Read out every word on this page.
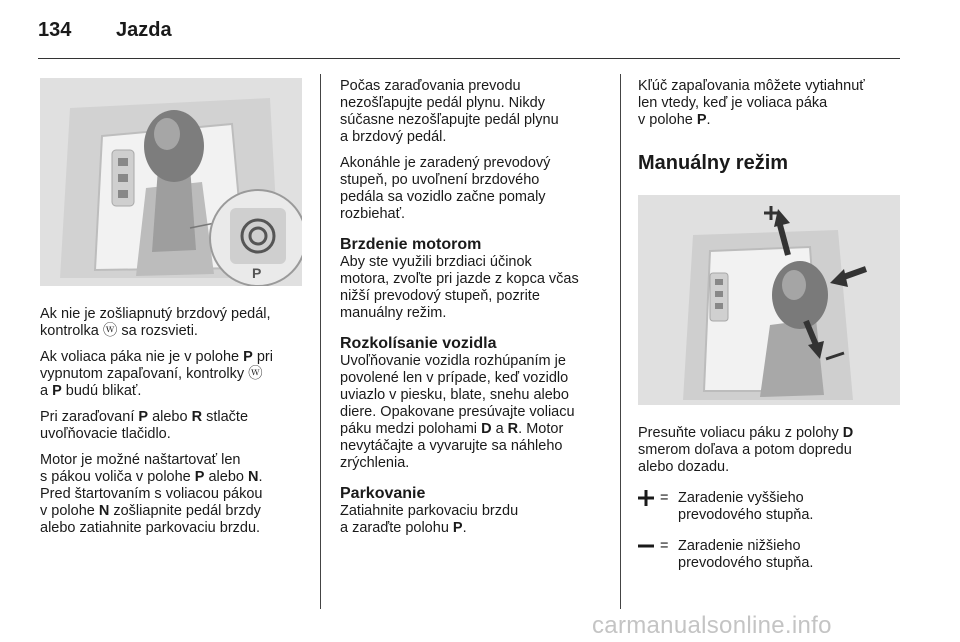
134 Jazda
P

Ak nie je zošliapnutý brzdový pedál,
kontrolka ⓦ sa rozsvieti.

Ak voliaca páka nie je v polohe P pri
vypnutom zapaľovaní, kontrolky ⓦ
a P budú blikať.

Pri zaraďovaní P alebo R stlačte
uvoľňovacie tlačidlo.

Motor je možné naštartovať len
s pákou voliča v polohe P alebo N.
Pred štartovaním s voliacou pákou
v polohe N zošliapnite pedál brzdy
alebo zatiahnite parkovaciu brzdu.

Počas zaraďovania prevodu
nezošľapujte pedál plynu. Nikdy
súčasne nezošľapujte pedál plynu
a brzdový pedál.

Akonáhle je zaradený prevodový
stupeň, po uvoľnení brzdového
pedála sa vozidlo začne pomaly
rozbiehať.

Brzdenie motorom

Aby ste využili brzdiaci účinok
motora, zvoľte pri jazde z kopca včas
nižší prevodový stupeň, pozrite
manuálny režim.

Rozkolísanie vozidla

Uvoľňovanie vozidla rozhúpaním je
povolené len v prípade, keď vozidlo
uviazlo v piesku, blate, snehu alebo
diere. Opakovane presúvajte voliacu
páku medzi polohami D a R. Motor
nevytáčajte a vyvarujte sa náhleho
zrýchlenia.

Parkovanie

Zatiahnite parkovaciu brzdu
a zaraďte polohu P.

Kľúč zapaľovania môžete vytiahnuť
len vtedy, keď je voliaca páka
v polohe P.

Manuálny režim

Presuňte voliacu páku z polohy D
smerom doľava a potom dopredu
alebo dozadu.

= Zaradenie vyššieho
prevodového stupňa.
= Zaradenie nižšieho
prevodového stupňa.
carmanualsonline.info
